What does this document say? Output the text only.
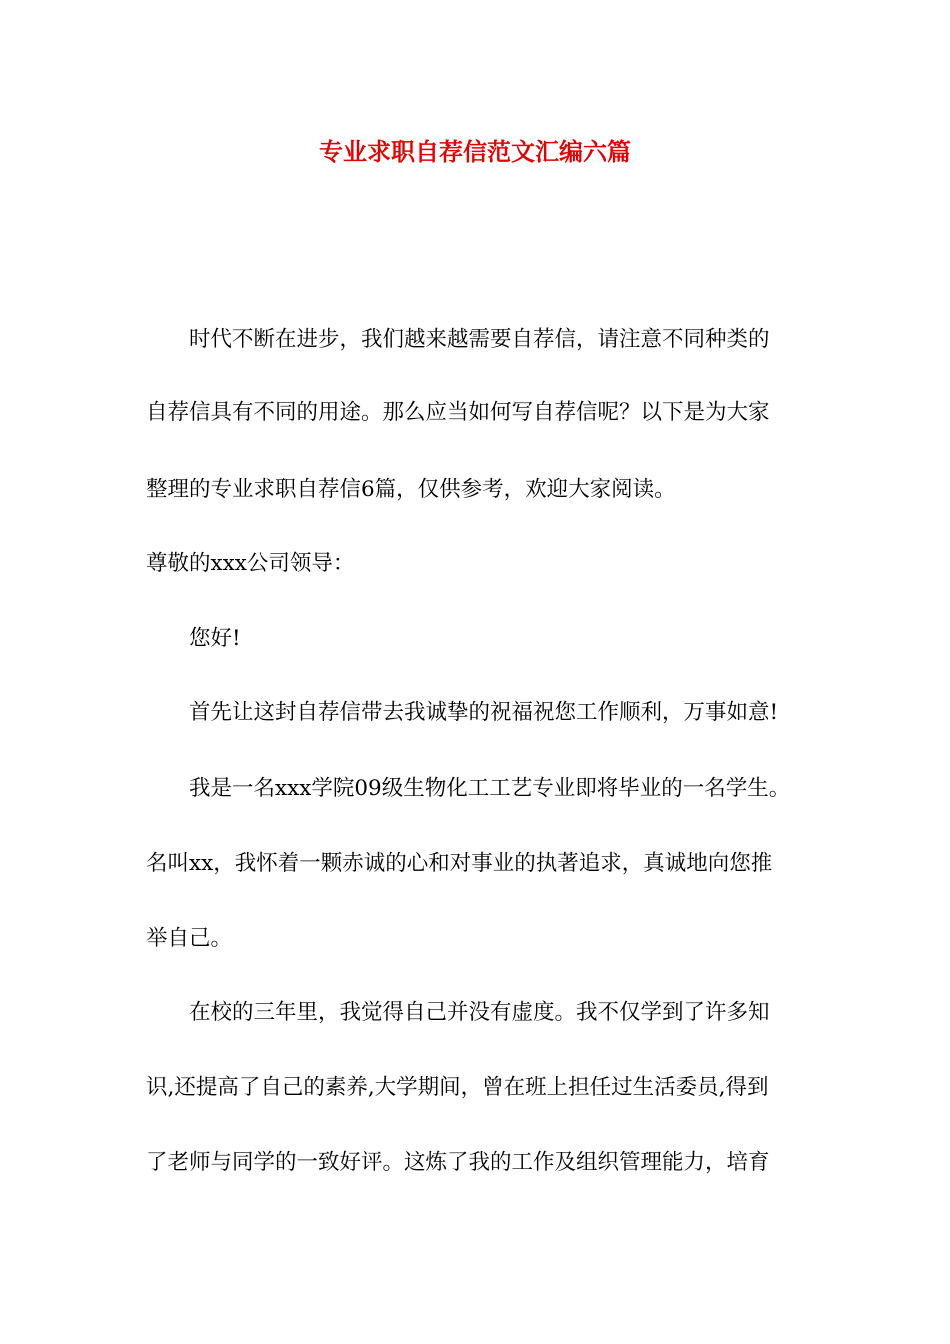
专业求职自荐信范文汇编六篇
时代不断在进步，我们越来越需要自荐信，请注意不同种类的
自荐信具有不同的用途。那么应当如何写自荐信呢？以下是为大家
整理的专业求职自荐信6篇，仅供参考，欢迎大家阅读。
尊敬的xxx公司领导：
您好!
首先让这封自荐信带去我诚挚的祝福祝您工作顺利，万事如意!
我是一名xxx学院09级生物化工工艺专业即将毕业的一名学生。
名叫xx，我怀着一颗赤诚的心和对事业的执著追求，真诚地向您推
举自己。
在校的三年里，我觉得自己并没有虚度。我不仅学到了许多知
识,还提高了自己的素养,大学期间，曾在班上担任过生活委员,得到
了老师与同学的一致好评。这炼了我的工作及组织管理能力，培育
